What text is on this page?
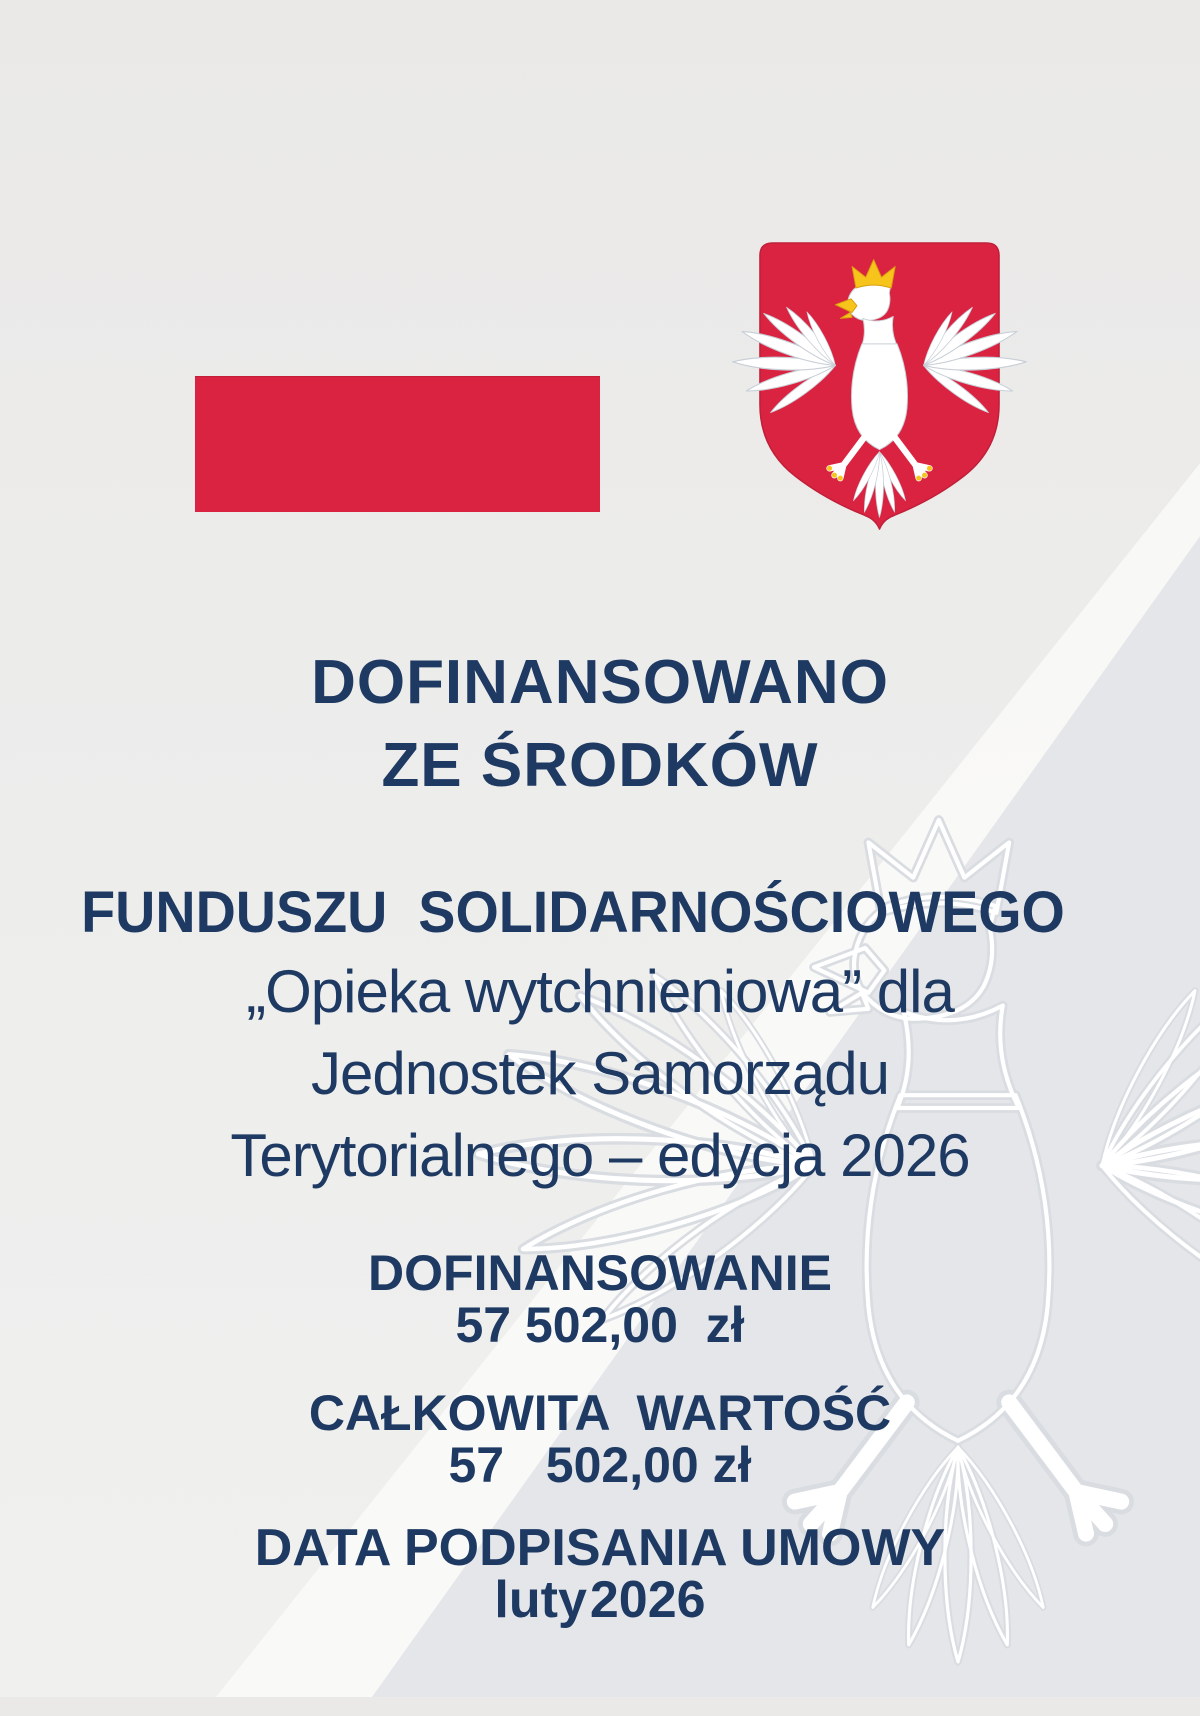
DOFINANSOWANO
ZE ŚRODKÓW
FUNDUSZU  SOLIDARNOŚCIOWEGO
„Opieka wytchnieniowa” dla
Jednostek Samorządu
Terytorialnego – edycja 2026
DOFINANSOWANIE
57 502,00  zł
CAŁKOWITA  WARTOŚĆ
57   502,00 zł
DATA PODPISANIA UMOWY
luty 2026
